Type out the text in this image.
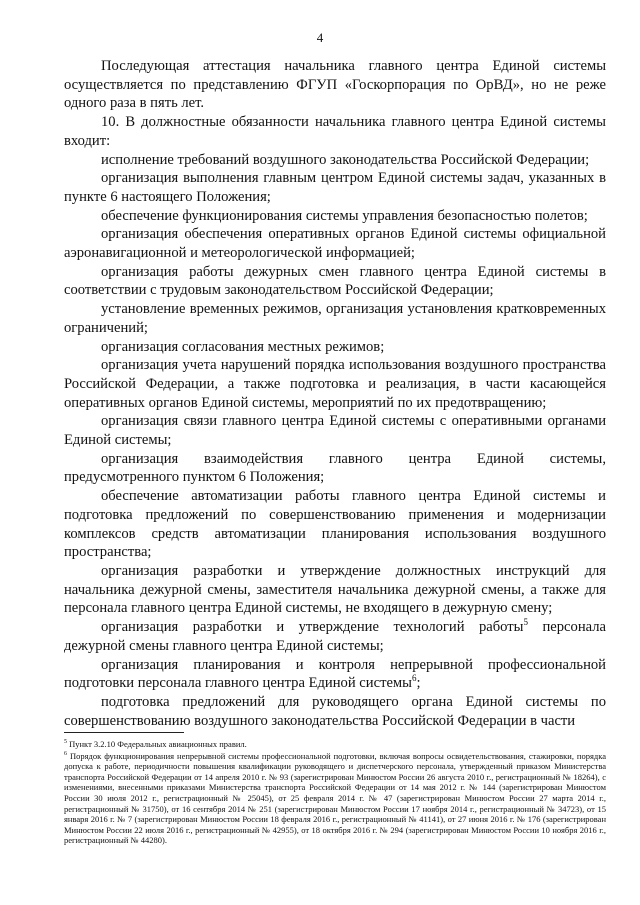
4

Последующая аттестация начальника главного центра Единой системы осуществляется по представлению ФГУП «Госкорпорация по ОрВД», но не реже одного раза в пять лет.

10. В должностные обязанности начальника главного центра Единой системы входит:

исполнение требований воздушного законодательства Российской Федерации;

организация выполнения главным центром Единой системы задач, указанных в пункте 6 настоящего Положения;

обеспечение функционирования системы управления безопасностью полетов;

организация обеспечения оперативных органов Единой системы официальной аэронавигационной и метеорологической информацией;

организация работы дежурных смен главного центра Единой системы в соответствии с трудовым законодательством Российской Федерации;

установление временных режимов, организация установления кратковременных ограничений;

организация согласования местных режимов;

организация учета нарушений порядка использования воздушного пространства Российской Федерации, а также подготовка и реализация, в части касающейся оперативных органов Единой системы, мероприятий по их предотвращению;

организация связи главного центра Единой системы с оперативными органами Единой системы;

организация взаимодействия главного центра Единой системы, предусмотренного пунктом 6 Положения;

обеспечение автоматизации работы главного центра Единой системы и подготовка предложений по совершенствованию применения и модернизации комплексов средств автоматизации планирования использования воздушного пространства;

организация разработки и утверждение должностных инструкций для начальника дежурной смены, заместителя начальника дежурной смены, а также для персонала главного центра Единой системы, не входящего в дежурную смену;

организация разработки и утверждение технологий работы$^5$ персонала дежурной смены главного центра Единой системы;

организация планирования и контроля непрерывной профессиональной подготовки персонала главного центра Единой системы$^6$;

подготовка предложений для руководящего органа Единой системы по совершенствованию воздушного законодательства Российской Федерации в части

$^5$ Пункт 3.2.10 Федеральных авиационных правил.

$^6$ Порядок функционирования непрерывной системы профессиональной подготовки, включая вопросы освидетельствования, стажировки, порядка допуска к работе, периодичности повышения квалификации руководящего и диспетчерского персонала, утвержденный приказом Министерства транспорта Российской Федерации от 14 апреля 2010 г. № 93 (зарегистрирован Минюстом России 26 августа 2010 г., регистрационный № 18264), с изменениями, внесенными приказами Министерства транспорта Российской Федерации от 14 мая 2012 г. № 144 (зарегистрирован Минюстом России 30 июля 2012 г., регистрационный № 25045), от 25 февраля 2014 г. № 47 (зарегистрирован Минюстом России 27 марта 2014 г., регистрационный № 31750), от 16 сентября 2014 № 251 (зарегистрирован Минюстом России 17 ноября 2014 г., регистрационный № 34723), от 15 января 2016 г. № 7 (зарегистрирован Минюстом России 18 февраля 2016 г., регистрационный № 41141), от 27 июня 2016 г. № 176 (зарегистрирован Минюстом России 22 июля 2016 г., регистрационный № 42955), от 18 октября 2016 г. № 294 (зарегистрирован Минюстом России 10 ноября 2016 г., регистрационный № 44280).
